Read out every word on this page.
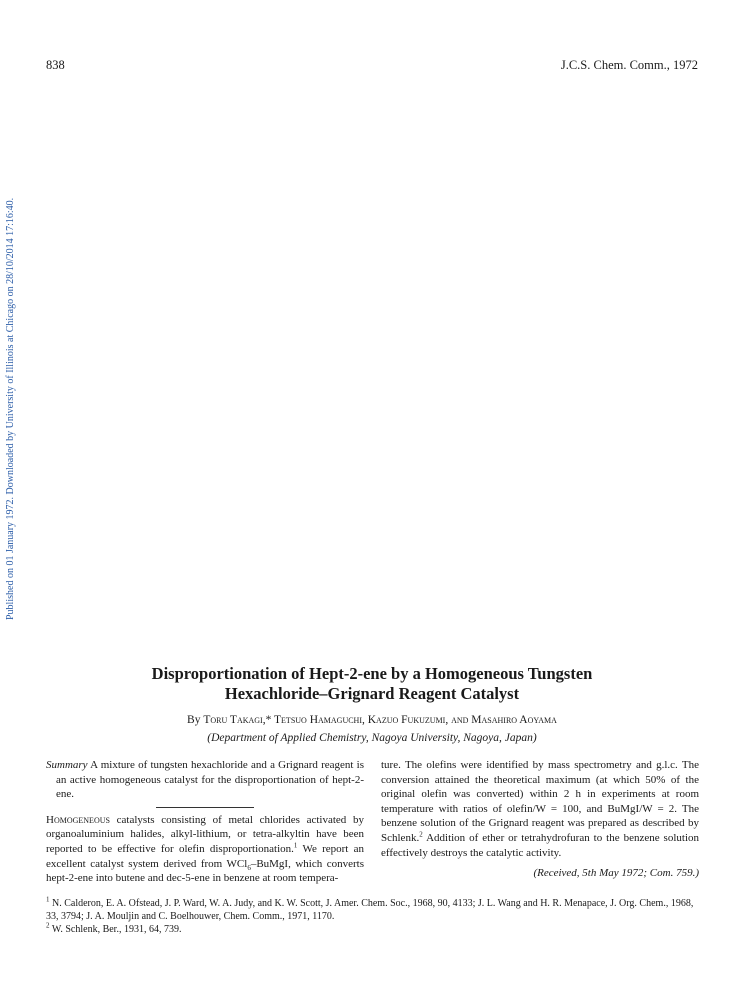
838	J.C.S. Chem. Comm., 1972
Published on 01 January 1972. Downloaded by University of Illinois at Chicago on 28/10/2014 17:16:40.
Disproportionation of Hept-2-ene by a Homogeneous Tungsten
Hexachloride–Grignard Reagent Catalyst
By Toru Takagi,* Tetsuo Hamaguchi, Kazuo Fukuzumi, and Masahiro Aoyama
(Department of Applied Chemistry, Nagoya University, Nagoya, Japan)

Summary A mixture of tungsten hexachloride and a Grignard reagent is an active homogeneous catalyst for the disproportionation of hept-2-ene.

Homogeneous catalysts consisting of metal chlorides activated by organoaluminium halides, alkyl-lithium, or tetra-alkyltin have been reported to be effective for olefin disproportionation.$^1$ We report an excellent catalyst system derived from WCl$_6$–BuMgI, which converts hept-2-ene into butene and dec-5-ene in benzene at room tempera-

ture. The olefins were identified by mass spectrometry and g.l.c. The conversion attained the theoretical maximum (at which 50% of the original olefin was converted) within 2 h in experiments at room temperature with ratios of olefin/W = 100, and BuMgI/W = 2. The benzene solution of the Grignard reagent was prepared as described by Schlenk.$^2$ Addition of ether or tetrahydrofuran to the benzene solution effectively destroys the catalytic activity.

(Received, 5th May 1972; Com. 759.)

$^1$ N. Calderon, E. A. Ofstead, J. P. Ward, W. A. Judy, and K. W. Scott, J. Amer. Chem. Soc., 1968, 90, 4133; J. L. Wang and H. R. Menapace, J. Org. Chem., 1968, 33, 3794; J. A. Mouljin and C. Boelhouwer, Chem. Comm., 1971, 1170.

$^2$ W. Schlenk, Ber., 1931, 64, 739.
